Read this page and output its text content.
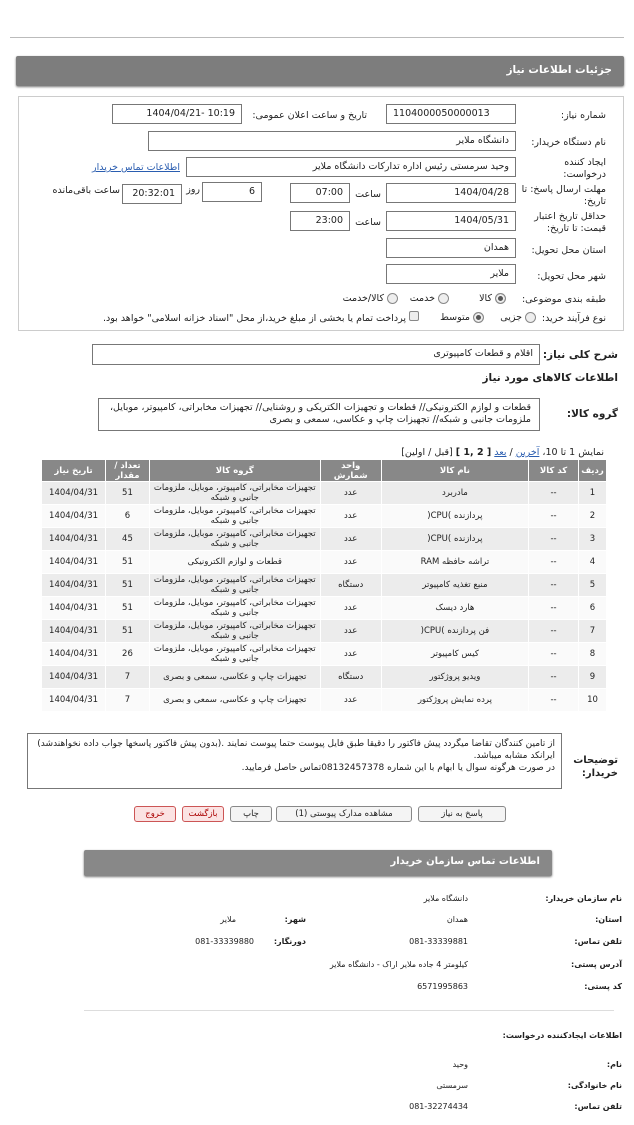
جزئیات اطلاعات نیاز
شماره نیاز:
1104000050000013
تاریخ و ساعت اعلان عمومی:
1404/04/21- 10:19
نام دستگاه خریدار:
دانشگاه ملایر
ایجاد کننده درخواست:
وحید سرمستی رئیس اداره تدارکات دانشگاه ملایر
اطلاعات تماس خریدار
مهلت ارسال پاسخ: تا تاریخ:
1404/04/28
ساعت
07:00
6
روز
20:32:01
ساعت باقی‌مانده
حداقل تاریخ اعتبار قیمت: تا تاریخ:
1404/05/31
ساعت
23:00
استان محل تحویل:
همدان
شهر محل تحویل:
ملایر
طبقه بندی موضوعی:
کالا
خدمت
کالا/خدمت
نوع فرآیند خرید:
جزیی
متوسط
پرداخت تمام یا بخشی از مبلغ خرید،از محل "اسناد خزانه اسلامی" خواهد بود.
شرح کلی نیاز:
اقلام و قطعات کامپیوتری
اطلاعات کالاهای مورد نیاز
گروه کالا:
قطعات و لوازم الکترونیکی// قطعات و تجهیزات الکتریکی و روشنایی// تجهیزات مخابراتی، کامپیوتر، موبایل، ملزومات جانبی و شبکه// تجهیزات چاپ و عکاسی، سمعی و بصری
نمایش 1 تا 10، آخرین / بعد [ 2 ,1 ] [قبل / اولین]
ردیف	کد کالا	نام کالا	واحد شمارش	گروه کالا	تعداد / مقدار	تاریخ نیاز
1	--	مادربرد	عدد	تجهیزات مخابراتی، کامپیوتر، موبایل، ملزومات جانبی و شبکه	51	1404/04/31
2	--	پردازنده )CPU(	عدد	تجهیزات مخابراتی، کامپیوتر، موبایل، ملزومات جانبی و شبکه	6	1404/04/31
3	--	پردازنده )CPU(	عدد	تجهیزات مخابراتی، کامپیوتر، موبایل، ملزومات جانبی و شبکه	45	1404/04/31
4	--	تراشه حافظه RAM	عدد	قطعات و لوازم الکترونیکی	51	1404/04/31
5	--	منبع تغذیه کامپیوتر	دستگاه	تجهیزات مخابراتی، کامپیوتر، موبایل، ملزومات جانبی و شبکه	51	1404/04/31
6	--	هارد دیسک	عدد	تجهیزات مخابراتی، کامپیوتر، موبایل، ملزومات جانبی و شبکه	51	1404/04/31
7	--	فن پردازنده )CPU(	عدد	تجهیزات مخابراتی، کامپیوتر، موبایل، ملزومات جانبی و شبکه	51	1404/04/31
8	--	کیس کامپیوتر	عدد	تجهیزات مخابراتی، کامپیوتر، موبایل، ملزومات جانبی و شبکه	26	1404/04/31
9	--	ویدیو پروژکتور	دستگاه	تجهیزات چاپ و عکاسی، سمعی و بصری	7	1404/04/31
10	--	پرده نمایش پروژکتور	عدد	تجهیزات چاپ و عکاسی، سمعی و بصری	7	1404/04/31
توضیحات خریدار:
از تامین کنندگان تقاضا میگردد پیش فاکتور را دقیقا طبق فایل پیوست حتما پیوست نمایند .(بدون پیش فاکتور پاسخها جواب داده نخواهندشد)
ایرانکد مشابه میباشد.
در صورت هرگونه سوال یا ابهام با این شماره 08132457378تماس حاصل فرمایید.
پاسخ به نیاز
مشاهده مدارک پیوستی (1)
چاپ
بازگشت
خروج
اطلاعات تماس سازمان خریدار
نام سازمان خریدار:
دانشگاه ملایر
استان:
همدان
شهر:
ملایر
تلفن تماس:
081-33339881
دورنگار:
081-33339880
آدرس پستی:
کیلومتر 4 جاده ملایر اراک - دانشگاه ملایر
کد پستی:
6571995863
اطلاعات ایجادکننده درخواست:
نام:
وحید
نام خانوادگی:
سرمستی
تلفن تماس:
081-32274434
